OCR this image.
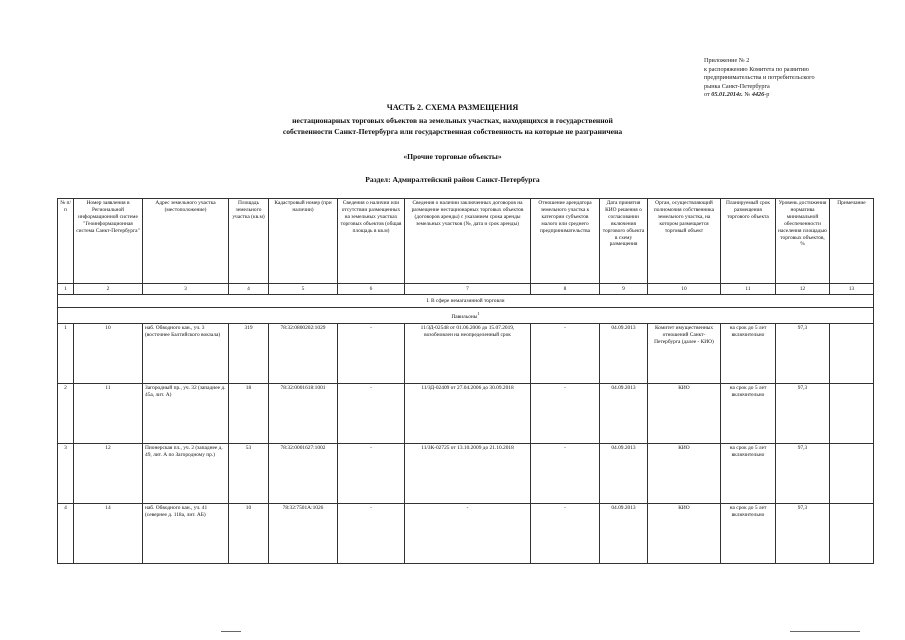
Приложение № 2
к распоряжению Комитета по развитию
предпринимательства и потребительского
рынка Санкт-Петербурга
от 05.01.2014г. № 4426-р
ЧАСТЬ 2. СХЕМА РАЗМЕЩЕНИЯ
нестационарных торговых объектов на земельных участках, находящихся в государственной
собственности Санкт-Петербурга или государственная собственность на которые не разграничена
«Прочие торговые объекты»
Раздел: Адмиралтейский район Санкт-Петербурга
№ п/п	Номер заявления в Региональной информационной системе "Геоинформационная система Санкт-Петербурга"	Адрес земельного участка (местоположение)	Площадь земельного участка (кв.м)	Кадастровый номер (при наличии)	Сведения о наличии или отсутствии размещенных на земельных участках торговых объектов (общая площадь в кв.м)	Сведения о наличии заключенных договоров на размещение нестационарных торговых объектов (договоров аренды) с указанием срока аренды земельных участков (№, дата и срок аренды)	Отношение арендатора земельного участка к категории субъектов малого или среднего предпринимательства	Дата принятия КИО решения о согласовании включения торгового объекта в схему размещения	Орган, осуществляющий полномочия собственника земельного участка, на котором размещается торговый объект	Планируемый срок размещения торгового объекта	Уровень достижения норматива минимальной обеспеченности населения площадью торговых объектов, %	Примечание
1	2	3	4	5	6	7	8	9	10	11	12	13
I. В сфере немагазинной торговли												
Павильоны$^1$
1	10	наб. Обводного кан., уч. 3 (восточнее Балтийского вокзала)	319	78:32:0800202:1029	-	11/ЗД-02548 от 01.06.2006 до 15.07.2019, возобновлен на неопределенный срок	-	04.09.2013	Комитет имущественных отношений Санкт-Петербурга (далее - КИО)	на срок до 5 лет включительно	97,3	
2	11	Загородный пр., уч. 32 (западнее д. 45а, лит. А)	18	78:32:0001618:1001	-	11/ЗД-02409 от 27.04.2006 до 30.09.2018	-	04.09.2013	КИО	на срок до 5 лет включительно	97,3	
3	12	Пионерская пл., уч. 2 (западнее д. 49, лит. А по Загородному пр.)	53	78:32:0001627:1002	-	11/ЗК-02725 от 13.10.2009 до 21.10.2018	-	04.09.2013	КИО	на срок до 5 лет включительно	97,3	
4	14	наб. Обводного кан., уч. 41 (севернее д. 118а, лит. АБ)	10	78:32:7501А:1026	-	-	-	04.09.2013	КИО	на срок до 5 лет включительно	97,3	
